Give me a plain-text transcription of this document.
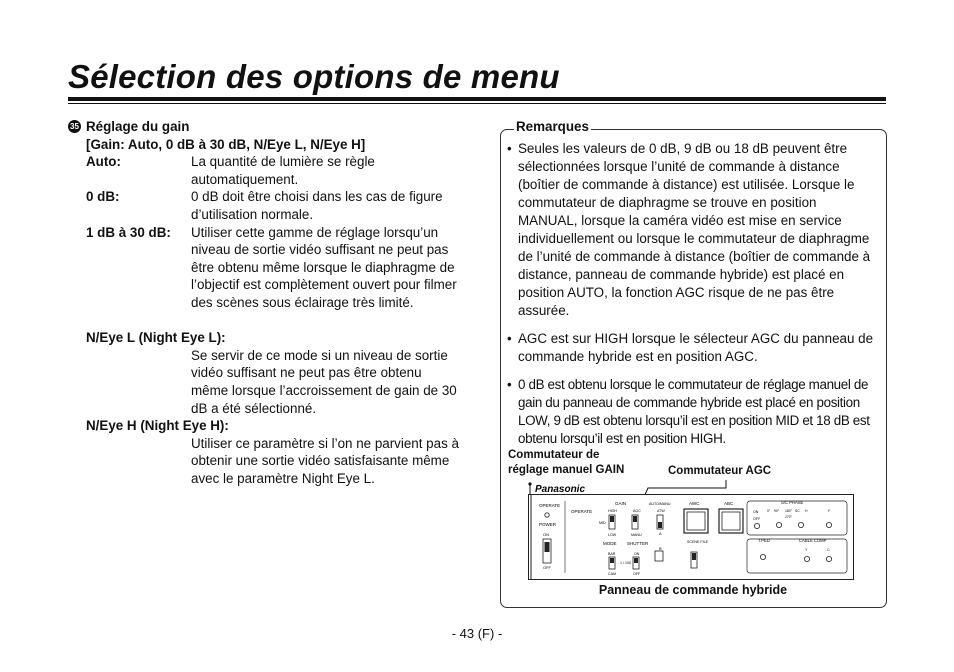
Sélection des options de menu
35 Réglage du gain
[Gain: Auto, 0 dB à 30 dB, N/Eye L, N/Eye H]
Auto:	La quantité de lumière se règle automatiquement.
0 dB:	0 dB doit être choisi dans les cas de figure d’utilisation normale.
1 dB à 30 dB: Utiliser cette gamme de réglage lorsqu’un niveau de sortie vidéo suffisant ne peut pas être obtenu même lorsque le diaphragme de l’objectif est complètement ouvert pour filmer des scènes sous éclairage très limité.
N/Eye L (Night Eye L):
Se servir de ce mode si un niveau de sortie vidéo suffisant ne peut pas être obtenu même lorsque l’accroissement de gain de 30 dB a été sélectionné.
N/Eye H (Night Eye H):
Utiliser ce paramètre si l’on ne parvient pas à obtenir une sortie vidéo satisfaisante même avec le paramètre Night Eye L.
Remarques
• Seules les valeurs de 0 dB, 9 dB ou 18 dB peuvent être sélectionnées lorsque l’unité de commande à distance (boîtier de commande à distance) est utilisée. Lorsque le commutateur de diaphragme se trouve en position MANUAL, lorsque la caméra vidéo est mise en service individuellement ou lorsque le commutateur de diaphragme de l’unité de commande à distance (boîtier de commande à distance, panneau de commande hybride) est placé en position AUTO, la fonction AGC risque de ne pas être assurée.
• AGC est sur HIGH lorsque le sélecteur AGC du panneau de commande hybride est en position AGC.
• 0 dB est obtenu lorsque le commutateur de réglage manuel de gain du panneau de commande hybride est placé en position LOW, 9 dB est obtenu lorsqu’il est en position MID et 18 dB est obtenu lorsqu’il est en position HIGH.
Commutateur de réglage manuel GAIN	Commutateur AGC
Panasonic
OPERATE
POWER
ON
OFF
OPERATE
GAIN
HIGH
MID
LOW
AGC
MANU
AUTO/MANU
ATW
AWC	ABC
MODE SHUTTER
A
B
SCENE FILE
BAR
CAM
1 / 100
ON
OFF
S/C PHASE
ON
OFF
0° 90° 180° SC
270°
H	F
T.PED	CABLE COMP
Y	C
Panneau de commande hybride
- 43 (F) -
